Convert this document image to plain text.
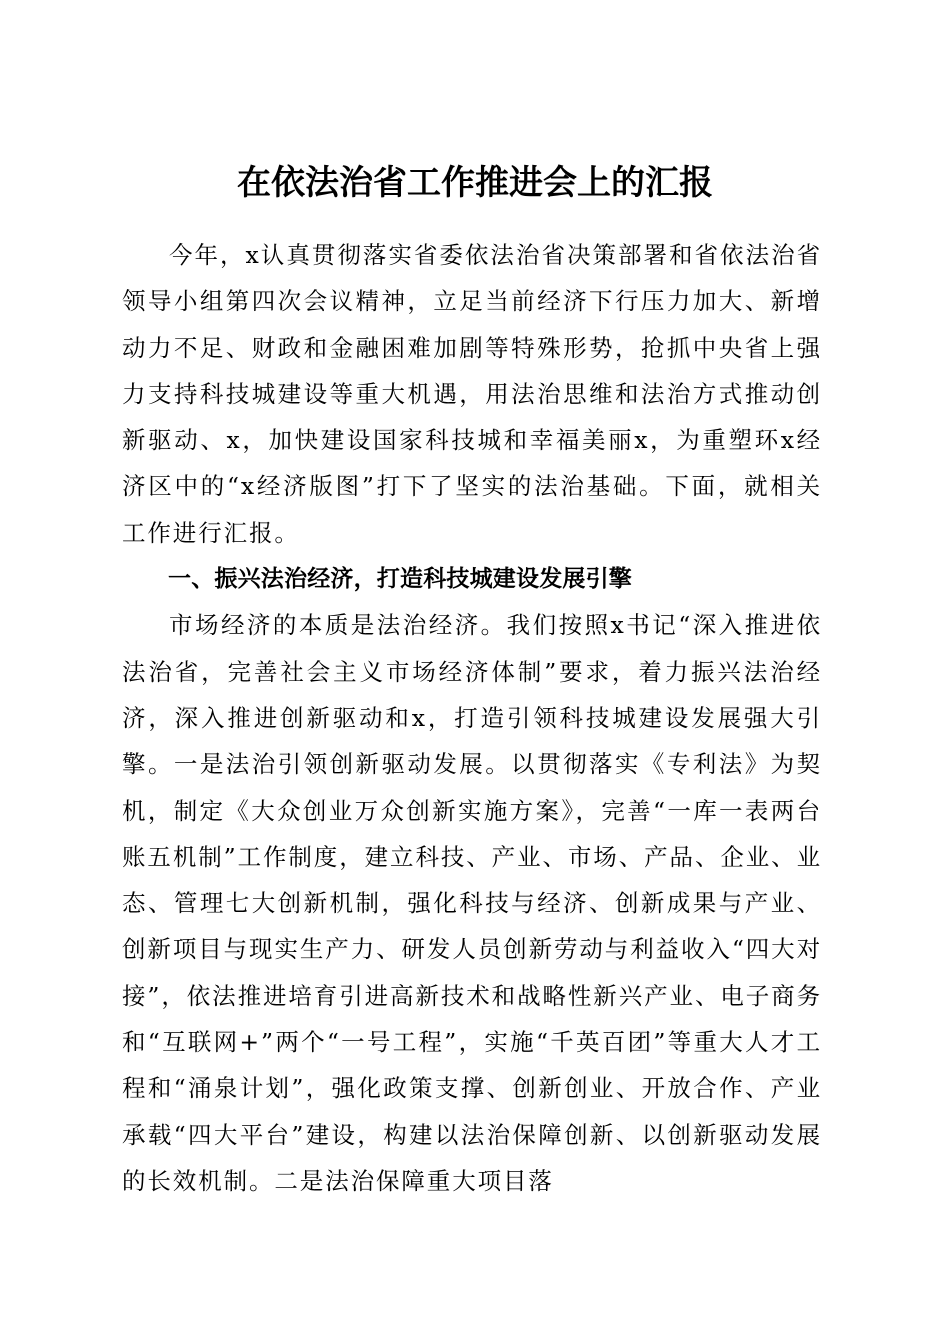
在依法治省工作推进会上的汇报

今年，x认真贯彻落实省委依法治省决策部署和省依法治省领导小组第四次会议精神，立足当前经济下行压力加大、新增动力不足、财政和金融困难加剧等特殊形势，抢抓中央省上强力支持科技城建设等重大机遇，用法治思维和法治方式推动创新驱动、x，加快建设国家科技城和幸福美丽x，为重塑环x经济区中的“x经济版图”打下了坚实的法治基础。下面，就相关工作进行汇报。

一、振兴法治经济，打造科技城建设发展引擎

市场经济的本质是法治经济。我们按照x书记“深入推进依法治省，完善社会主义市场经济体制”要求，着力振兴法治经济，深入推进创新驱动和x，打造引领科技城建设发展强大引擎。一是法治引领创新驱动发展。以贯彻落实《专利法》为契机，制定《大众创业万众创新实施方案》，完善“一库一表两台账五机制”工作制度，建立科技、产业、市场、产品、企业、业态、管理七大创新机制，强化科技与经济、创新成果与产业、创新项目与现实生产力、研发人员创新劳动与利益收入“四大对接”，依法推进培育引进高新技术和战略性新兴产业、电子商务和“互联网+”两个“一号工程”，实施“千英百团”等重大人才工程和“涌泉计划”，强化政策支撑、创新创业、开放合作、产业承载“四大平台”建设，构建以法治保障创新、以创新驱动发展的长效机制。二是法治保障重大项目落
